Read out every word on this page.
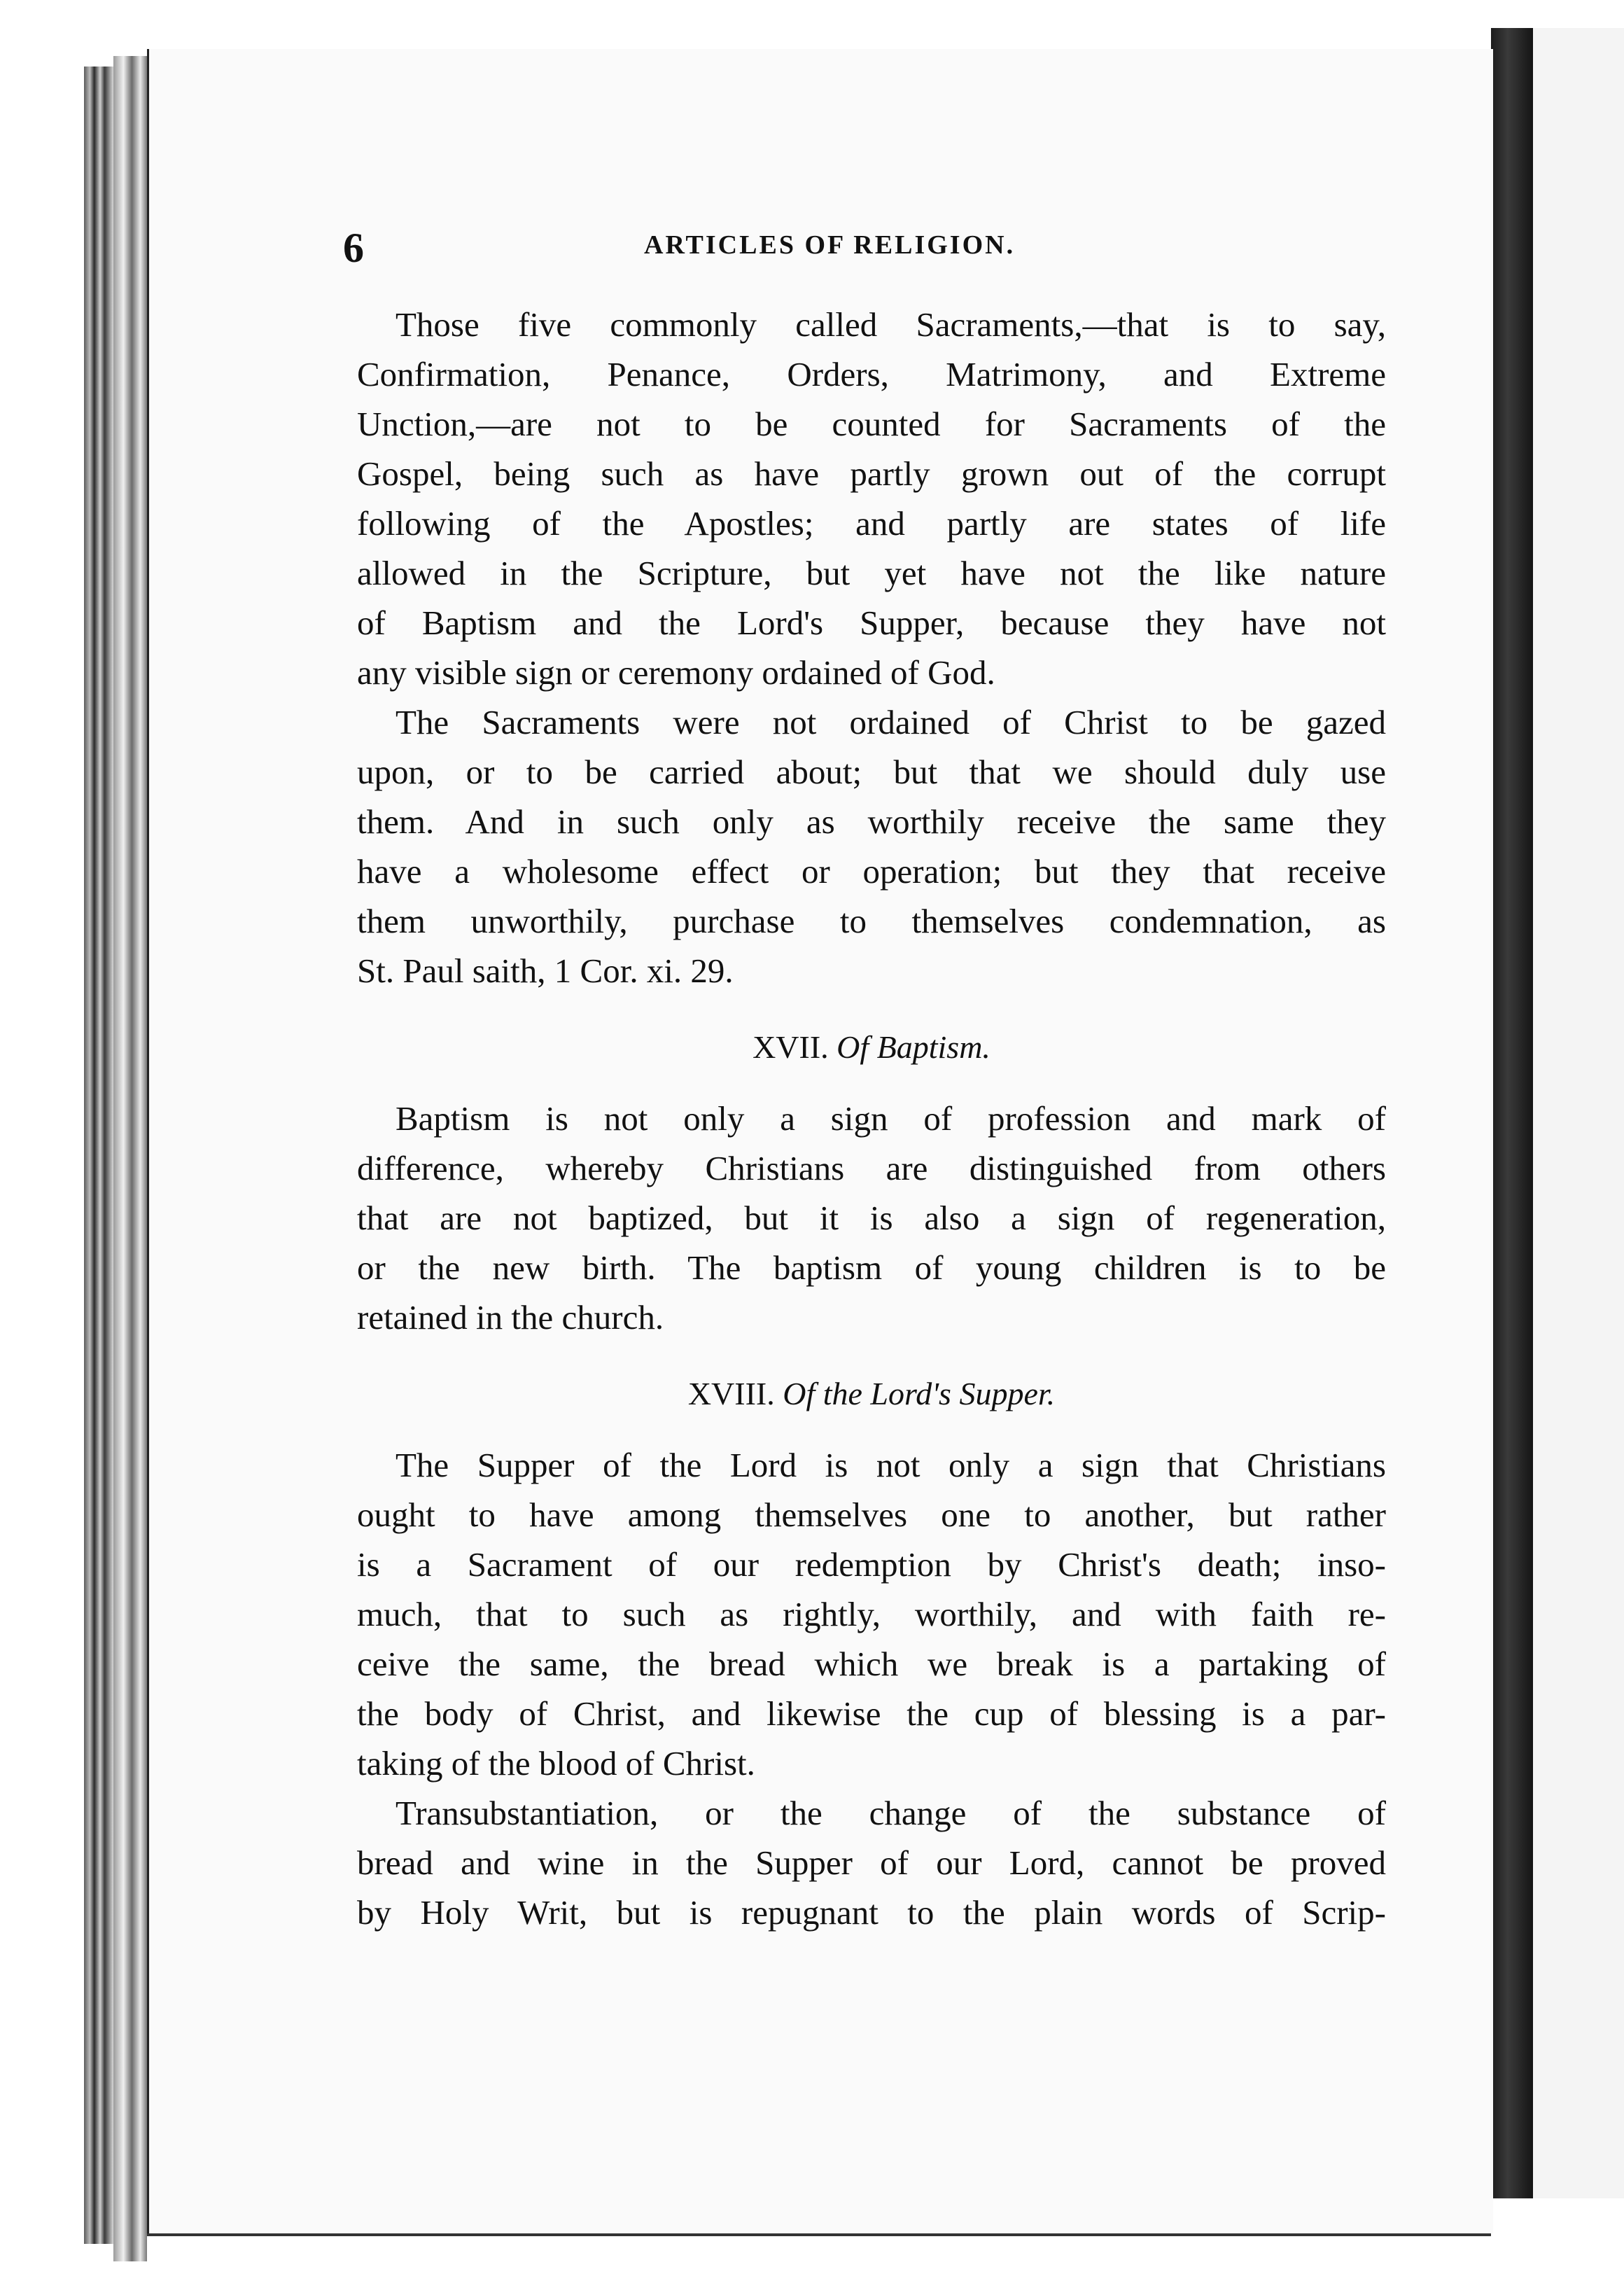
6	ARTICLES OF RELIGION.
Those five commonly called Sacraments,—that is to say,
Confirmation, Penance, Orders, Matrimony, and Extreme
Unction,—are not to be counted for Sacraments of the
Gospel, being such as have partly grown out of the corrupt
following of the Apostles; and partly are states of life
allowed in the Scripture, but yet have not the like nature
of Baptism and the Lord's Supper, because they have not
any visible sign or ceremony ordained of God.
The Sacraments were not ordained of Christ to be gazed
upon, or to be carried about; but that we should duly use
them. And in such only as worthily receive the same they
have a wholesome effect or operation; but they that receive
them unworthily, purchase to themselves condemnation, as
St. Paul saith, 1 Cor. xi. 29.
XVII. Of Baptism.
Baptism is not only a sign of profession and mark of
difference, whereby Christians are distinguished from others
that are not baptized, but it is also a sign of regeneration,
or the new birth. The baptism of young children is to be
retained in the church.
XVIII. Of the Lord's Supper.
The Supper of the Lord is not only a sign that Christians
ought to have among themselves one to another, but rather
is a Sacrament of our redemption by Christ's death; inso-
much, that to such as rightly, worthily, and with faith re-
ceive the same, the bread which we break is a partaking of
the body of Christ, and likewise the cup of blessing is a par-
taking of the blood of Christ.
Transubstantiation, or the change of the substance of
bread and wine in the Supper of our Lord, cannot be proved
by Holy Writ, but is repugnant to the plain words of Scrip-
